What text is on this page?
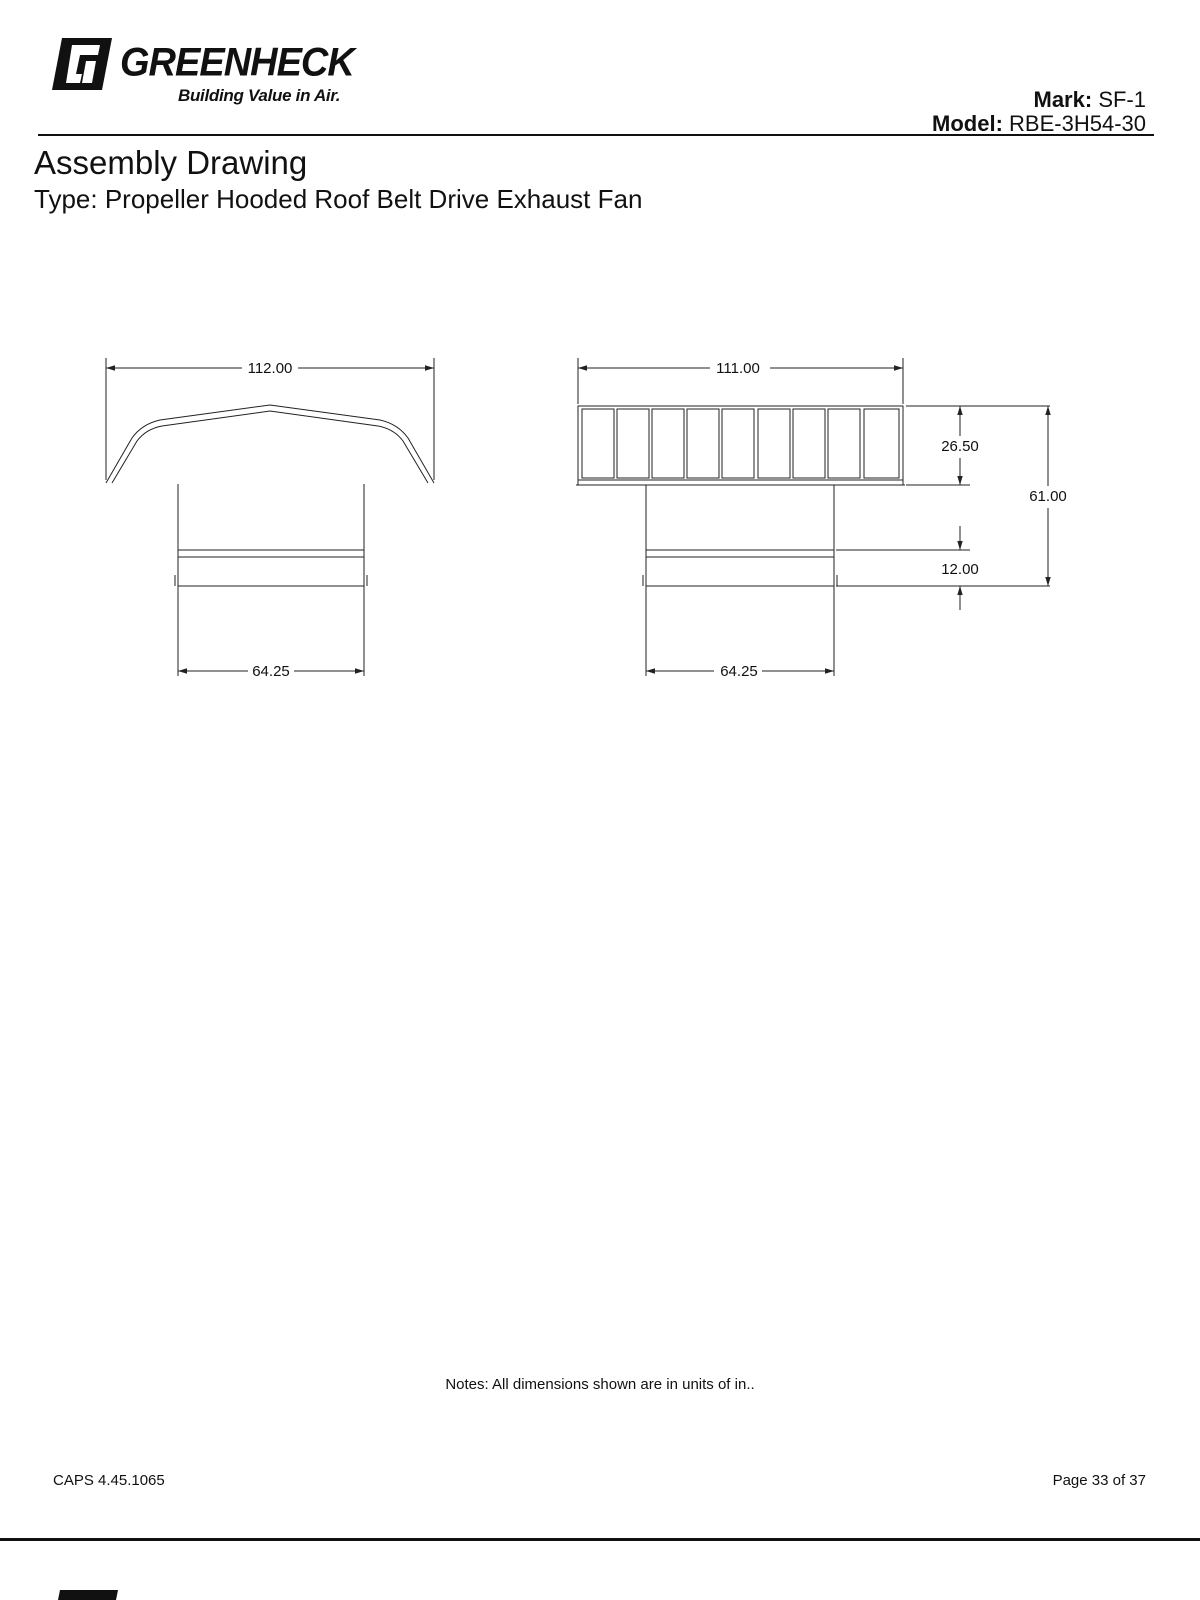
GREENHECK
Building Value in Air.	Mark: SF-1
Model: RBE-3H54-30
Assembly Drawing
Type: Propeller Hooded Roof Belt Drive Exhaust Fan
112.00
64.25
111.00
64.25
26.50
61.00
12.00
Notes: All dimensions shown are in units of in..
CAPS 4.45.1065	Page 33 of 37
